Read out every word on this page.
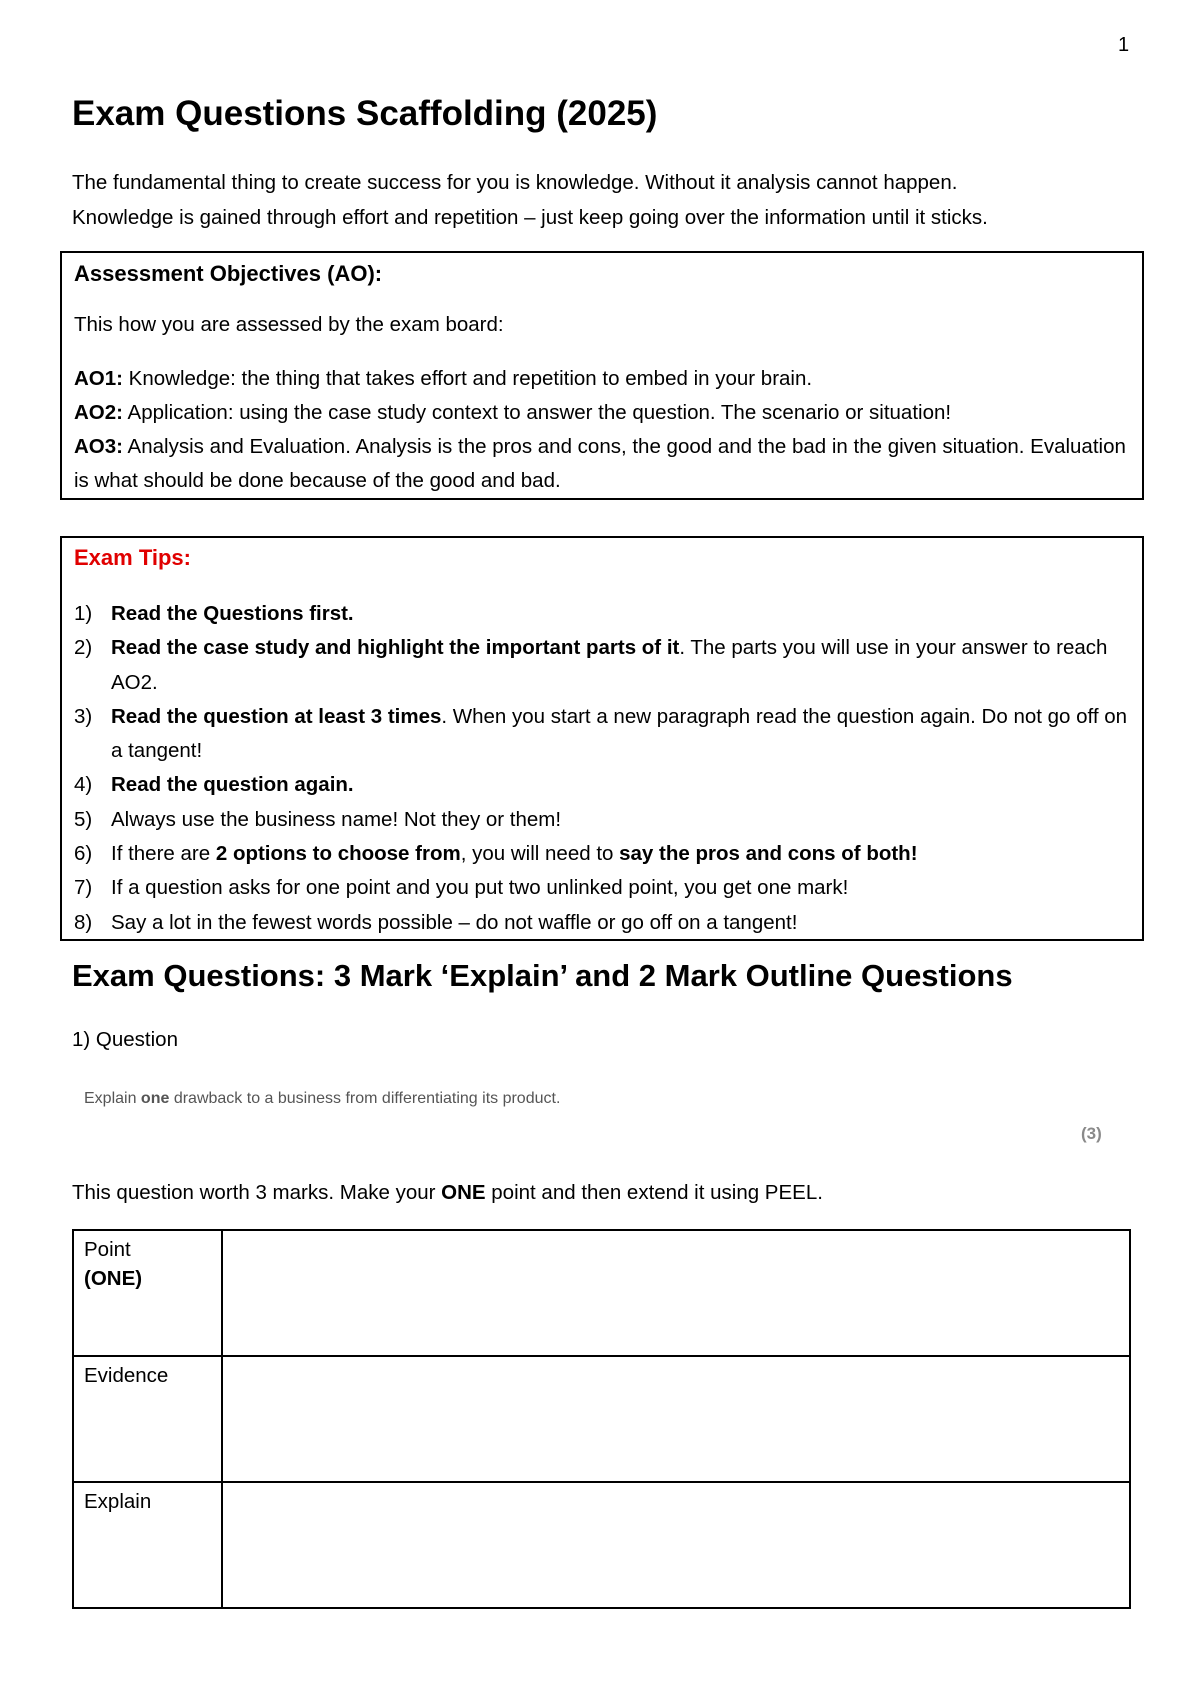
1
Exam Questions Scaffolding (2025)

The fundamental thing to create success for you is knowledge. Without it analysis cannot happen.

Knowledge is gained through effort and repetition – just keep going over the information until it sticks.

Assessment Objectives (AO):
This how you are assessed by the exam board:

AO1: Knowledge: the thing that takes effort and repetition to embed in your brain.

AO2: Application: using the case study context to answer the question. The scenario or situation!

AO3: Analysis and Evaluation. Analysis is the pros and cons, the good and the bad in the given situation. Evaluation is what should be done because of the good and bad.

Exam Tips:
1) Read the Questions first.
2) Read the case study and highlight the important parts of it. The parts you will use in your answer to reach AO2.
3) Read the question at least 3 times. When you start a new paragraph read the question again. Do not go off on a tangent!
4) Read the question again.
5) Always use the business name! Not they or them!
6) If there are 2 options to choose from, you will need to say the pros and cons of both!
7) If a question asks for one point and you put two unlinked point, you get one mark!
8) Say a lot in the fewest words possible – do not waffle or go off on a tangent!
Exam Questions: 3 Mark ‘Explain’ and 2 Mark Outline Questions
1) Question
Explain one drawback to a business from differentiating its product.
(3)
This question worth 3 marks. Make your ONE point and then extend it using PEEL.
Point
(ONE)	

Evidence	

Explain	
